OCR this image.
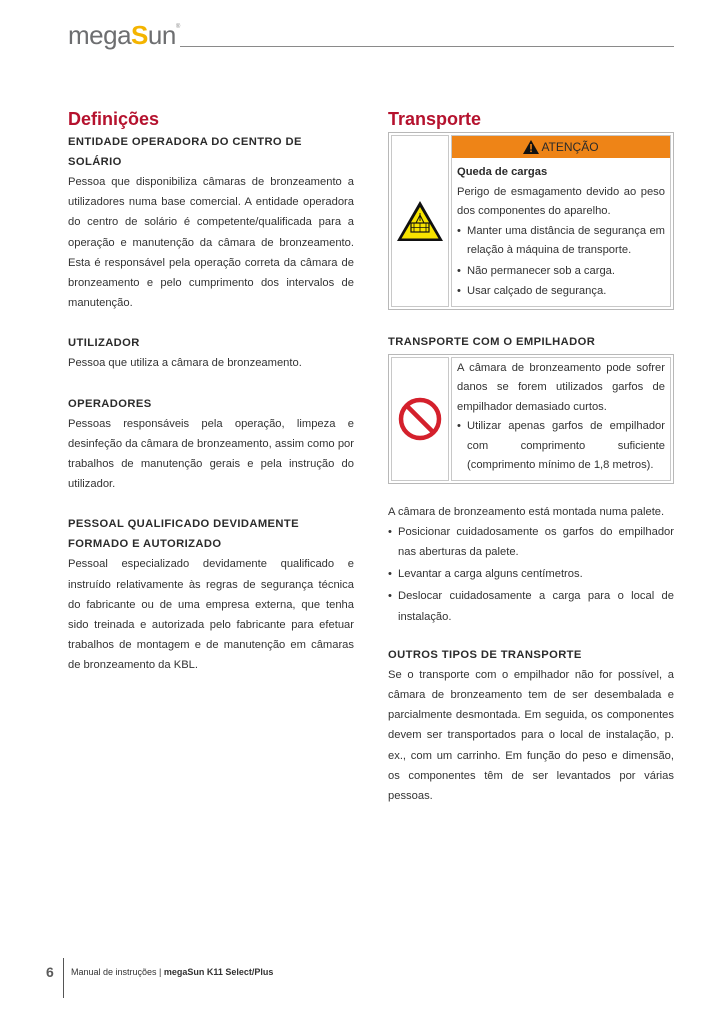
megaSun®
Definições
ENTIDADE OPERADORA DO CENTRO DE SOLÁRIO
Pessoa que disponibiliza câmaras de bronzeamento a utilizadores numa base comercial. A entidade operadora do centro de solário é competente/qualificada para a operação e manutenção da câmara de bronzeamento. Esta é responsável pela operação correta da câmara de bronzeamento e pelo cumprimento dos intervalos de manutenção.
UTILIZADOR
Pessoa que utiliza a câmara de bronzeamento.
OPERADORES
Pessoas responsáveis pela operação, limpeza e desinfeção da câmara de bronzeamento, assim como por trabalhos de manutenção gerais e pela instrução do utilizador.
PESSOAL QUALIFICADO DEVIDAMENTE FORMADO E AUTORIZADO
Pessoal especializado devidamente qualificado e instruído relativamente às regras de segurança técnica do fabricante ou de uma empresa externa, que tenha sido treinada e autorizada pelo fabricante para efetuar trabalhos de montagem e de manutenção em câmaras de bronzeamento da KBL.
Transporte
ATENÇÃO
Queda de cargas
Perigo de esmagamento devido ao peso dos componentes do aparelho.
• Manter uma distância de segurança em relação à máquina de transporte.
• Não permanecer sob a carga.
• Usar calçado de segurança.
TRANSPORTE COM O EMPILHADOR
A câmara de bronzeamento pode sofrer danos se forem utilizados garfos de empilhador demasiado curtos.
• Utilizar apenas garfos de empilhador com comprimento suficiente (comprimento mínimo de 1,8 metros).
A câmara de bronzeamento está montada numa palete.
• Posicionar cuidadosamente os garfos do empilhador nas aberturas da palete.
• Levantar a carga alguns centímetros.
• Deslocar cuidadosamente a carga para o local de instalação.
OUTROS TIPOS DE TRANSPORTE
Se o transporte com o empilhador não for possível, a câmara de bronzeamento tem de ser desembalada e parcialmente desmontada. Em seguida, os componentes devem ser transportados para o local de instalação, p. ex., com um carrinho. Em função do peso e dimensão, os componentes têm de ser levantados por várias pessoas.
6 Manual de instruções | megaSun K11 Select/Plus
